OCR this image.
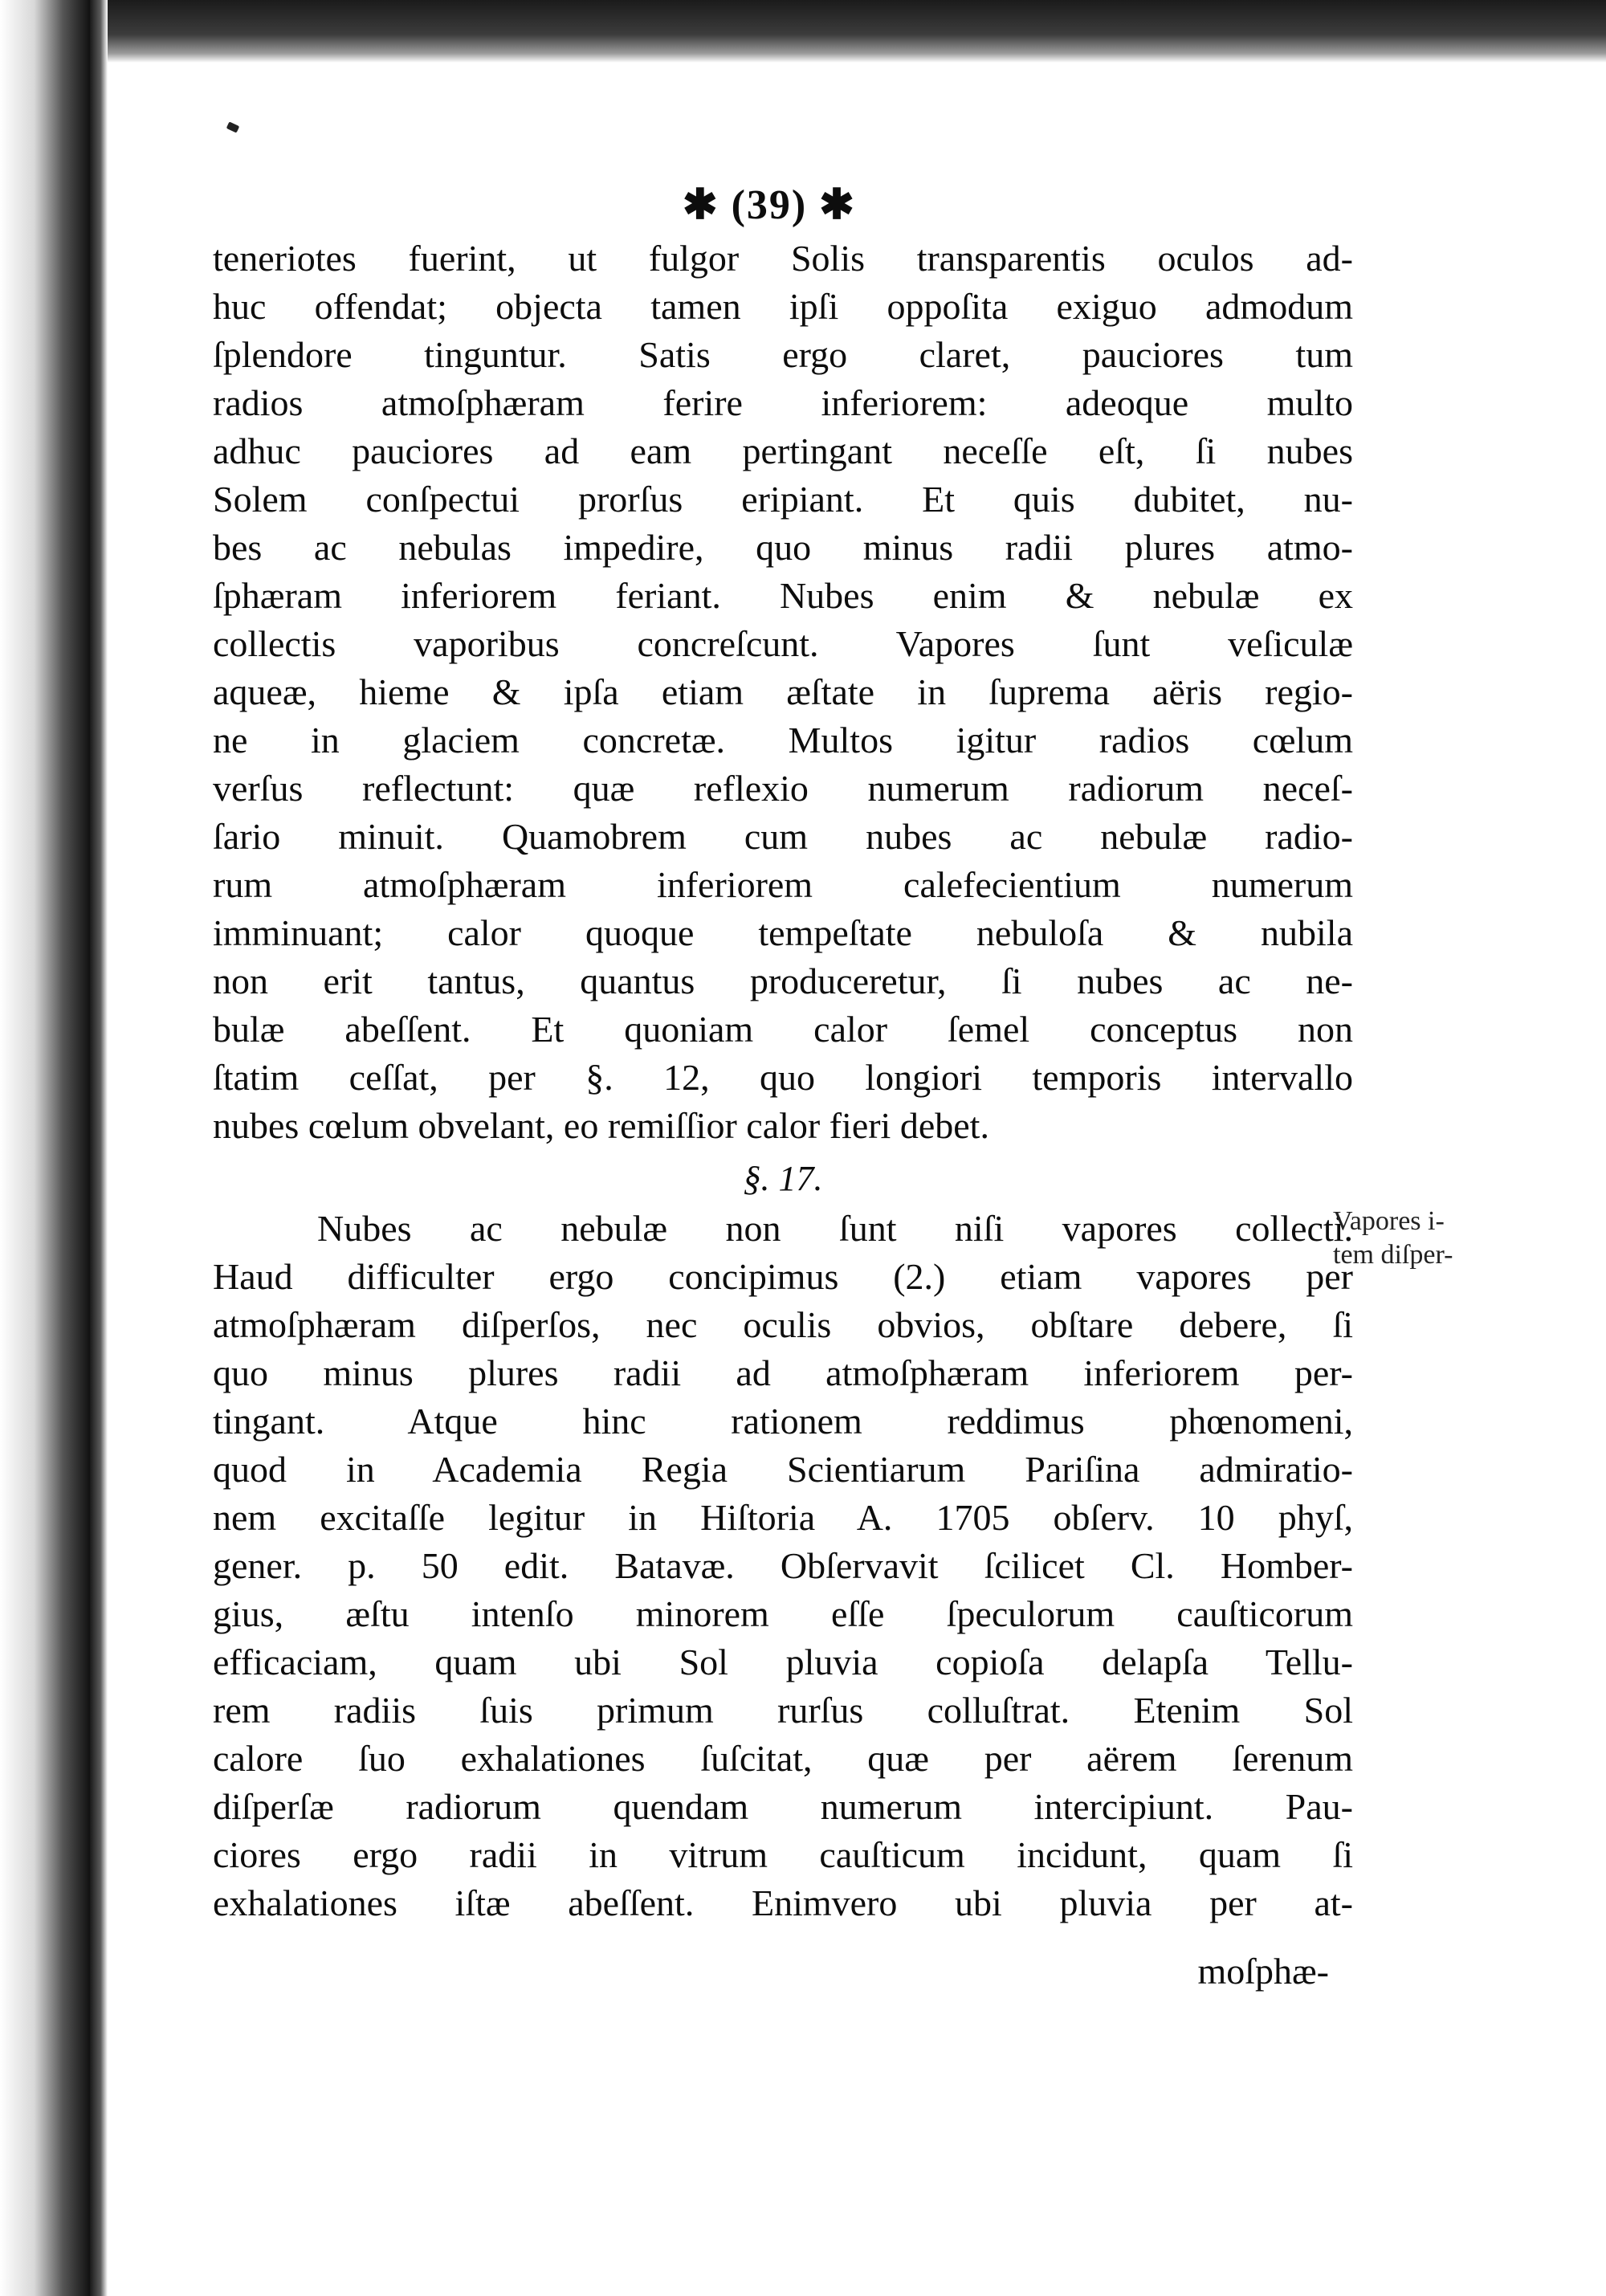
✱ (39) ✱
teneriotes fuerint, ut fulgor Solis transparentis oculos ad-
huc offendat; objecta tamen ipſi oppoſita exiguo admodum
ſplendore tinguntur. Satis ergo claret, pauciores tum
radios atmoſphæram ferire inferiorem: adeoque multo
adhuc pauciores ad eam pertingant neceſſe eſt, ſi nubes
Solem conſpectui prorſus eripiant. Et quis dubitet, nu-
bes ac nebulas impedire, quo minus radii plures atmo-
ſphæram inferiorem feriant. Nubes enim & nebulæ ex
collectis vaporibus concreſcunt. Vapores ſunt veſiculæ
aqueæ, hieme & ipſa etiam æſtate in ſuprema aëris regio-
ne in glaciem concretæ. Multos igitur radios cœlum
verſus reflectunt: quæ reflexio numerum radiorum neceſ-
ſario minuit. Quamobrem cum nubes ac nebulæ radio-
rum atmoſphæram inferiorem calefecientium numerum
imminuant; calor quoque tempeſtate nebuloſa & nubila
non erit tantus, quantus produceretur, ſi nubes ac ne-
bulæ abeſſent. Et quoniam calor ſemel conceptus non
ſtatim ceſſat, per §. 12, quo longiori temporis intervallo
nubes cœlum obvelant, eo remiſſior calor fieri debet.
§. 17.
Nubes ac nebulæ non ſunt niſi vapores collecti.
Haud difficulter ergo concipimus (2.) etiam vapores per
atmoſphæram diſperſos, nec oculis obvios, obſtare debere, ſi
quo minus plures radii ad atmoſphæram inferiorem per-
tingant. Atque hinc rationem reddimus phœnomeni,
quod in Academia Regia Scientiarum Pariſina admiratio-
nem excitaſſe legitur in Hiſtoria A. 1705 obſerv. 10 phyſ,
gener. p. 50 edit. Batavæ. Obſervavit ſcilicet Cl. Homber-
gius, æſtu intenſo minorem eſſe ſpeculorum cauſticorum
efficaciam, quam ubi Sol pluvia copioſa delapſa Tellu-
rem radiis ſuis primum rurſus colluſtrat. Etenim Sol
calore ſuo exhalationes ſuſcitat, quæ per aërem ſerenum
diſperſæ radiorum quendam numerum intercipiunt. Pau-
ciores ergo radii in vitrum cauſticum incidunt, quam ſi
exhalationes iſtæ abeſſent. Enimvero ubi pluvia per at-
Vapores i-
tem diſper-
moſphæ-
